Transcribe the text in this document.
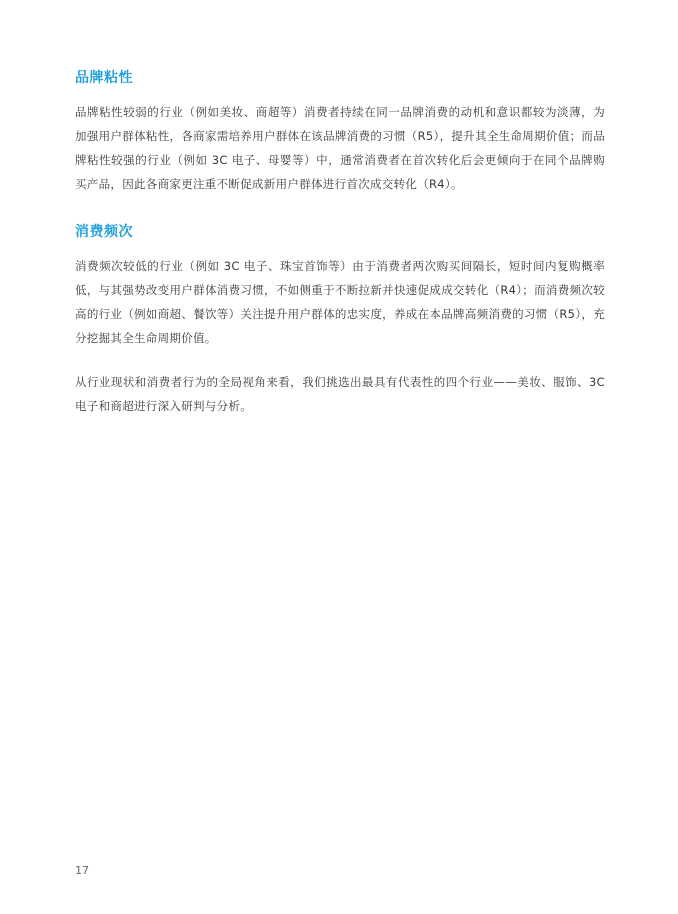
品牌粘性

品牌粘性较弱的行业（例如美妆、商超等）消费者持续在同一品牌消费的动机和意识都较为淡薄，为加强用户群体粘性，各商家需培养用户群体在该品牌消费的习惯（R5），提升其全生命周期价值；而品牌粘性较强的行业（例如 3C 电子、母婴等）中，通常消费者在首次转化后会更倾向于在同个品牌购买产品，因此各商家更注重不断促成新用户群体进行首次成交转化（R4）。

消费频次

消费频次较低的行业（例如 3C 电子、珠宝首饰等）由于消费者两次购买间隔长，短时间内复购概率低，与其强势改变用户群体消费习惯，不如侧重于不断拉新并快速促成成交转化（R4）；而消费频次较高的行业（例如商超、餐饮等）关注提升用户群体的忠实度，养成在本品牌高频消费的习惯（R5），充分挖掘其全生命周期价值。

从行业现状和消费者行为的全局视角来看，我们挑选出最具有代表性的四个行业——美妆、服饰、3C 电子和商超进行深入研判与分析。

17
